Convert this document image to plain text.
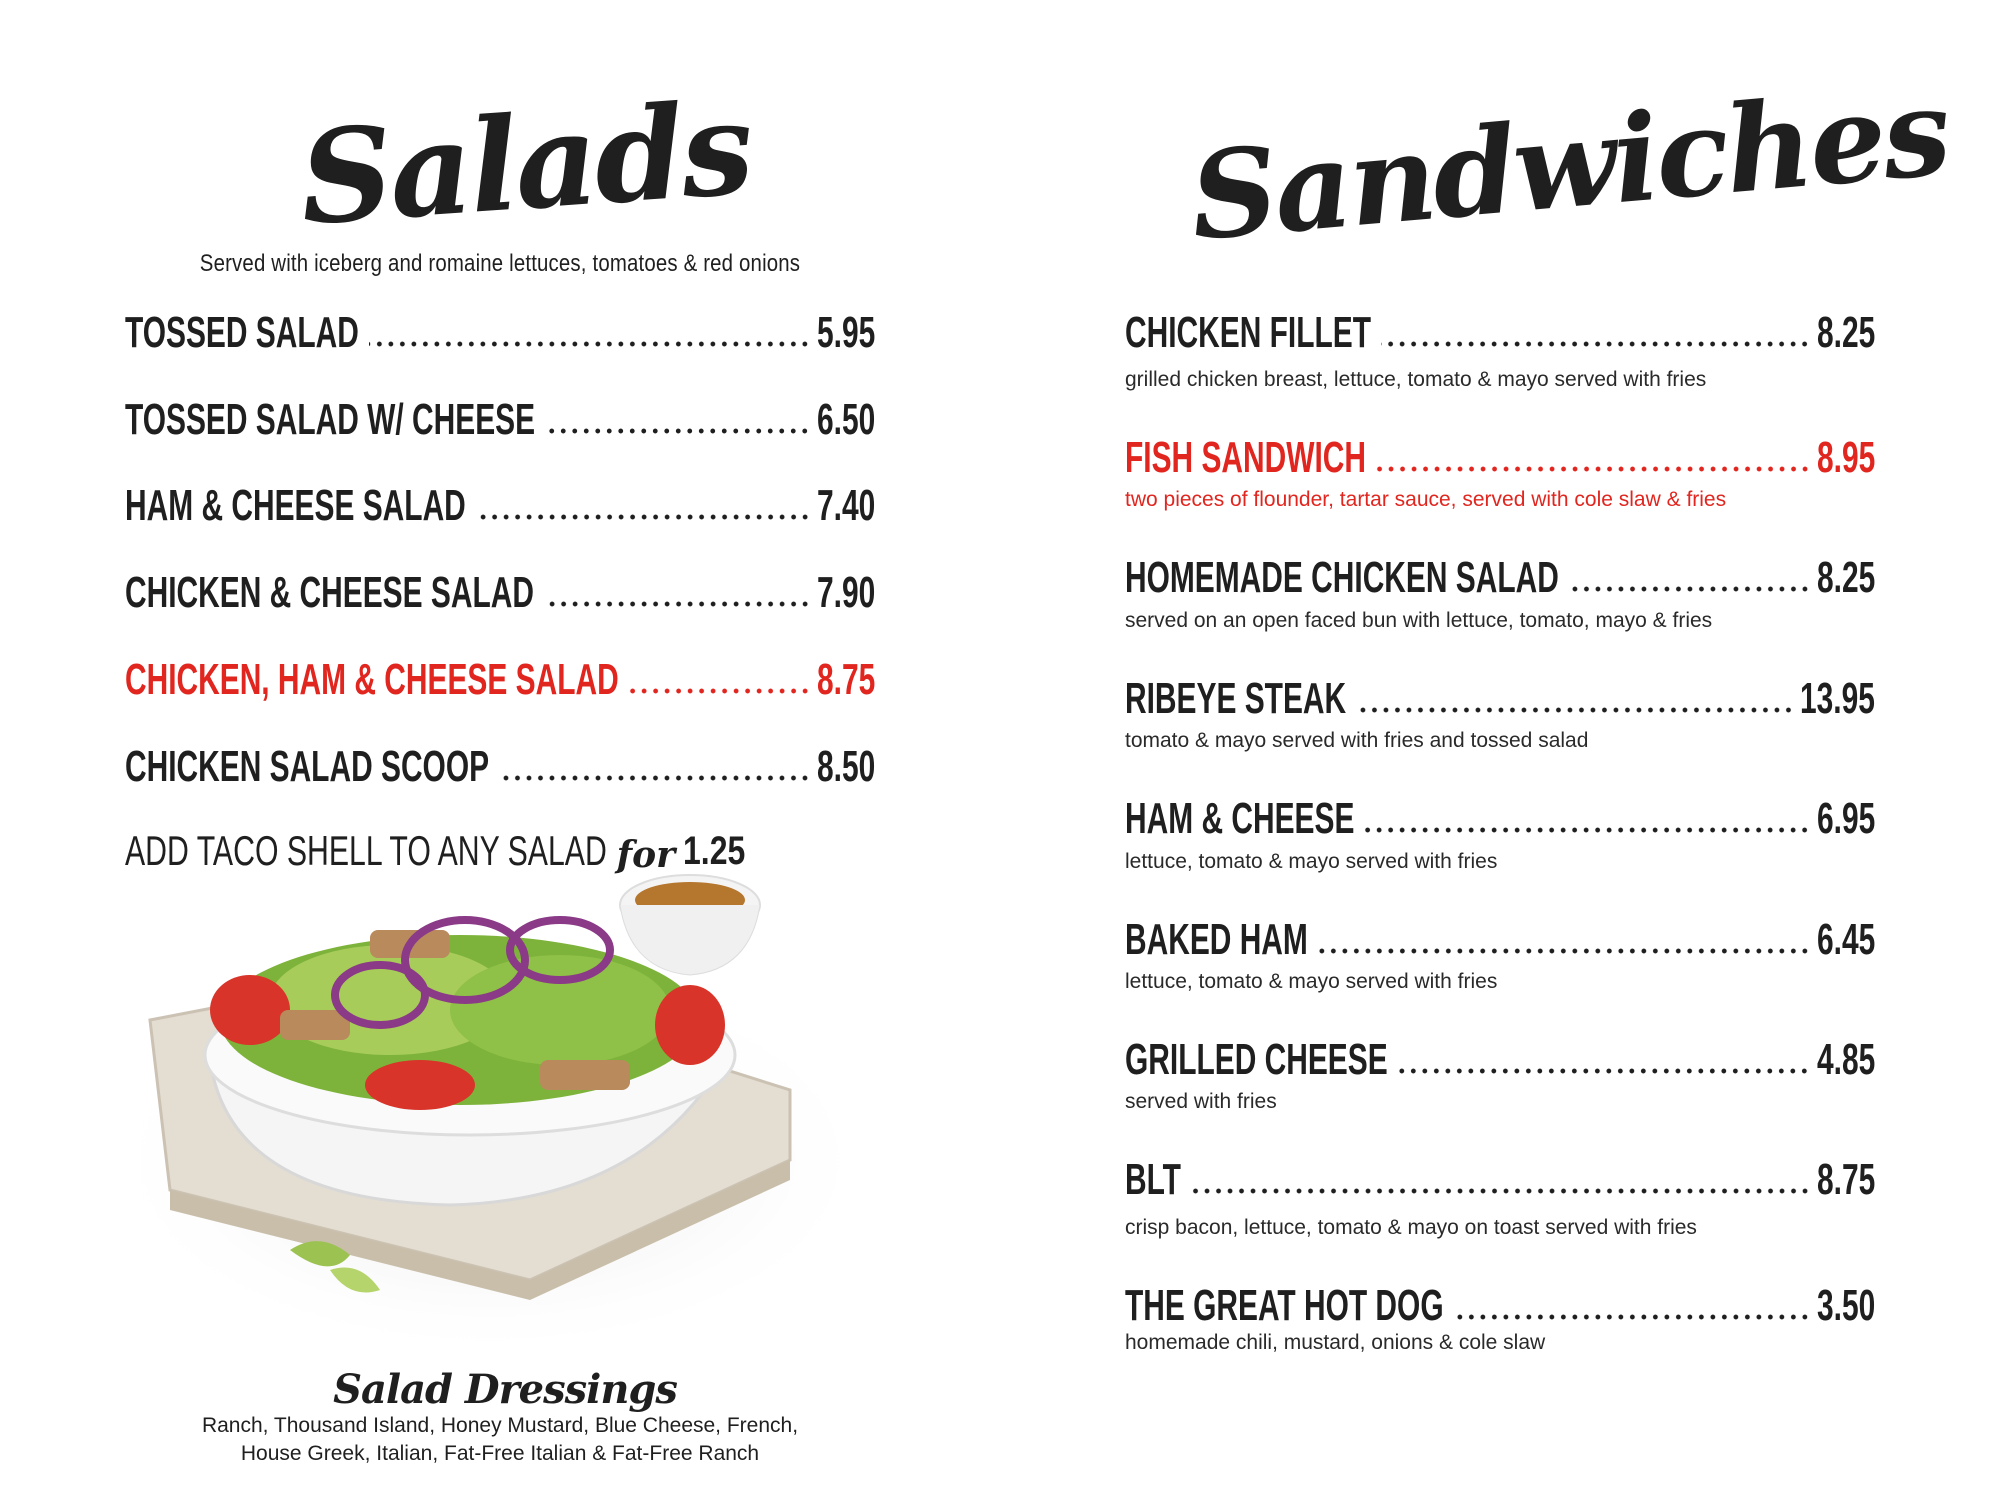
Salads
Served with iceberg and romaine lettuces, tomatoes & red onions
TOSSED SALAD	5.95
TOSSED SALAD W/ CHEESE	6.50
HAM & CHEESE SALAD	7.40
CHICKEN & CHEESE SALAD	7.90
CHICKEN, HAM & CHEESE SALAD	8.75
CHICKEN SALAD SCOOP	8.50
ADD TACO SHELL TO ANY SALAD for 1.25
Salad Dressings
Ranch, Thousand Island, Honey Mustard, Blue Cheese, French,
House Greek, Italian, Fat-Free Italian & Fat-Free Ranch
Sandwiches
CHICKEN FILLET	8.25
grilled chicken breast, lettuce, tomato & mayo served with fries
FISH SANDWICH	8.95
two pieces of flounder, tartar sauce, served with cole slaw & fries
HOMEMADE CHICKEN SALAD	8.25
served on an open faced bun with lettuce, tomato, mayo & fries
RIBEYE STEAK	13.95
tomato & mayo served with fries and tossed salad
HAM & CHEESE	6.95
lettuce, tomato & mayo served with fries
BAKED HAM	6.45
lettuce, tomato & mayo served with fries
GRILLED CHEESE	4.85
served with fries
BLT	8.75
crisp bacon, lettuce, tomato & mayo on toast served with fries
THE GREAT HOT DOG	3.50
homemade chili, mustard, onions & cole slaw
